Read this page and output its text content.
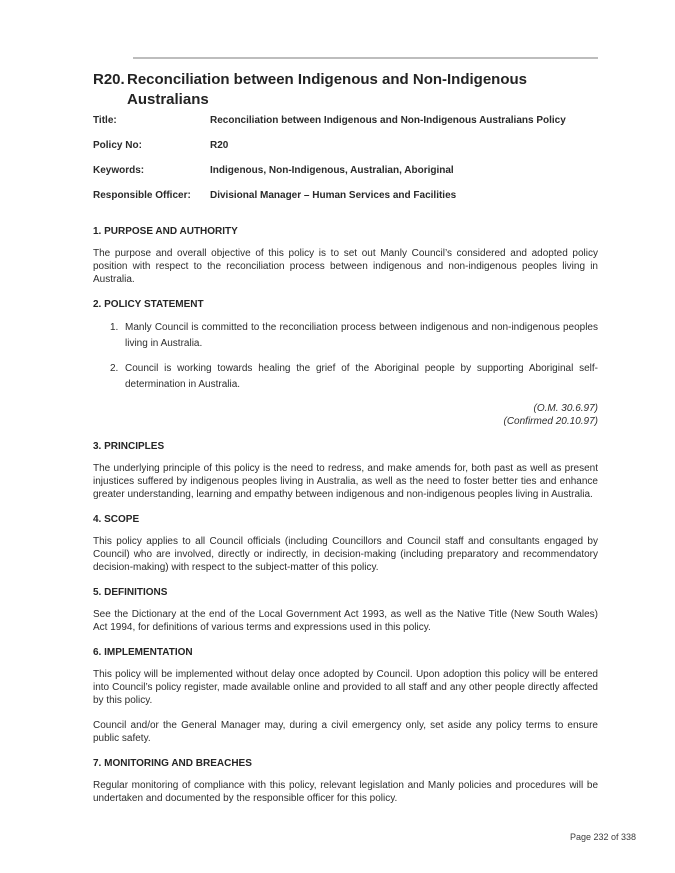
R20. Reconciliation between Indigenous and Non-Indigenous Australians
Title:	Reconciliation between Indigenous and Non-Indigenous Australians Policy
Policy No:	R20
Keywords:	Indigenous, Non-Indigenous, Australian, Aboriginal
Responsible Officer:	Divisional Manager – Human Services and Facilities
1. PURPOSE AND AUTHORITY

The purpose and overall objective of this policy is to set out Manly Council’s considered and adopted policy position with respect to the reconciliation process between indigenous and non-indigenous peoples living in Australia.

2. POLICY STATEMENT
1. Manly Council is committed to the reconciliation process between indigenous and non-indigenous peoples living in Australia.
2. Council is working towards healing the grief of the Aboriginal people by supporting Aboriginal self-determination in Australia.
(O.M. 30.6.97)
(Confirmed 20.10.97)
3. PRINCIPLES

The underlying principle of this policy is the need to redress, and make amends for, both past as well as present injustices suffered by indigenous peoples living in Australia, as well as the need to foster better ties and enhance greater understanding, learning and empathy between indigenous and non-indigenous peoples living in Australia.

4. SCOPE

This policy applies to all Council officials (including Councillors and Council staff and consultants engaged by Council) who are involved, directly or indirectly, in decision-making (including preparatory and recommendatory decision-making) with respect to the subject-matter of this policy.

5. DEFINITIONS

See the Dictionary at the end of the Local Government Act 1993, as well as the Native Title (New South Wales) Act 1994, for definitions of various terms and expressions used in this policy.

6. IMPLEMENTATION

This policy will be implemented without delay once adopted by Council. Upon adoption this policy will be entered into Council’s policy register, made available online and provided to all staff and any other people directly affected by this policy.

Council and/or the General Manager may, during a civil emergency only, set aside any policy terms to ensure public safety.

7. MONITORING AND BREACHES

Regular monitoring of compliance with this policy, relevant legislation and Manly policies and procedures will be undertaken and documented by the responsible officer for this policy.

Page 232 of 338
